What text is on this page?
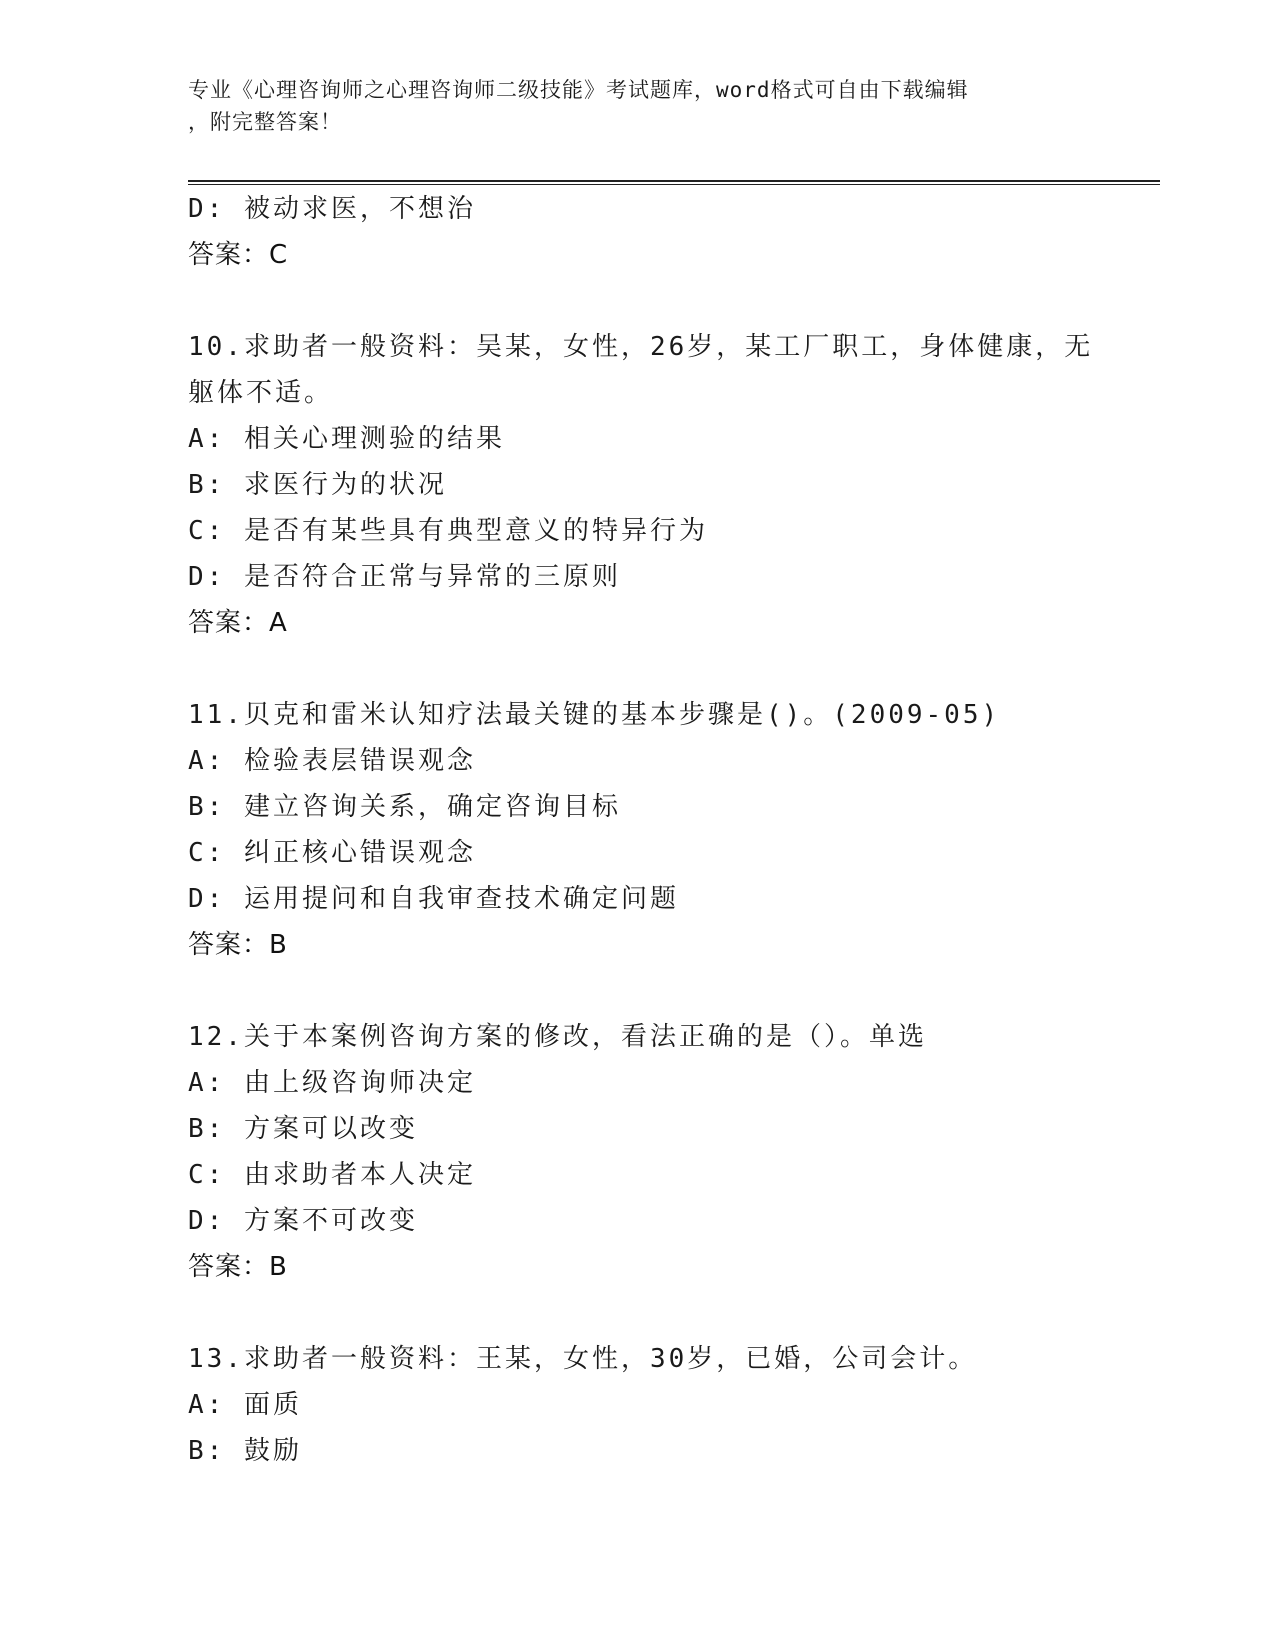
专业《心理咨询师之心理咨询师二级技能》考试题库，word格式可自由下载编辑
，附完整答案！
D: 被动求医，不想治
答案：C
10.求助者一般资料：吴某，女性，26岁，某工厂职工，身体健康，无
躯体不适。
A: 相关心理测验的结果
B: 求医行为的状况
C: 是否有某些具有典型意义的特异行为
D: 是否符合正常与异常的三原则
答案：A
11.贝克和雷米认知疗法最关键的基本步骤是()。(2009-05)
A: 检验表层错误观念
B: 建立咨询关系，确定咨询目标
C: 纠正核心错误观念
D: 运用提问和自我审查技术确定问题
答案：B
12.关于本案例咨询方案的修改，看法正确的是（）。单选
A: 由上级咨询师决定
B: 方案可以改变
C: 由求助者本人决定
D: 方案不可改变
答案：B
13.求助者一般资料：王某，女性，30岁，已婚，公司会计。
A: 面质
B: 鼓励
